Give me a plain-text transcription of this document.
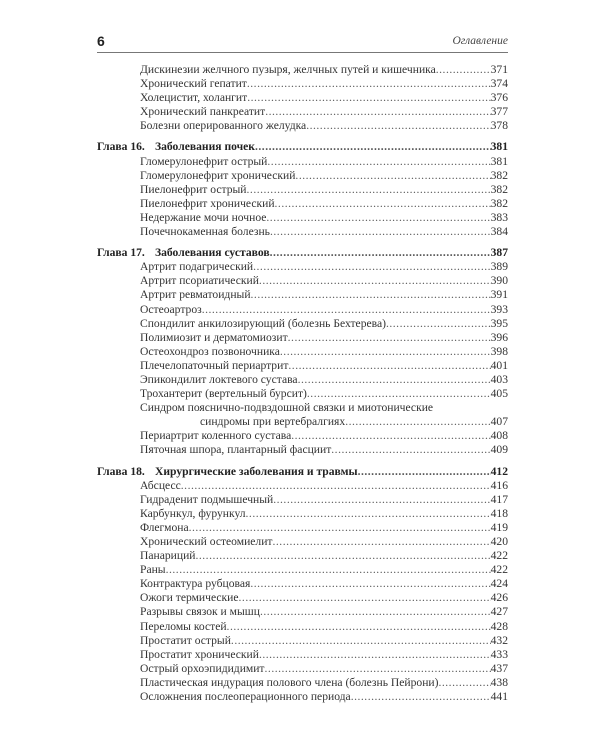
6	Оглавление
Дискинезии желчного пузыря, желчных путей и кишечника .....	371
Хронический гепатит .....	374
Холецистит, холангит .....	376
Хронический панкреатит .....	377
Болезни оперированного желудка .....	378
Глава 16. Заболевания почек .....	381
Гломерулонефрит острый .....	381
Гломерулонефрит хронический .....	382
Пиелонефрит острый .....	382
Пиелонефрит хронический .....	382
Недержание мочи ночное .....	383
Почечнокаменная болезнь .....	384
Глава 17. Заболевания суставов .....	387
Артрит подагрический .....	389
Артрит псориатический .....	390
Артрит ревматоидный .....	391
Остеоартроз .....	393
Спондилит анкилозирующий (болезнь Бехтерева) .....	395
Полимиозит и дерматомиозит .....	396
Остеохондроз позвоночника .....	398
Плечелопаточный периартрит .....	401
Эпикондилит локтевого сустава .....	403
Трохантерит (вертельный бурсит) .....	405
Синдром пояснично-подвздошной связки и миотонические
синдромы при вертебралгиях .....	407
Периартрит коленного сустава .....	408
Пяточная шпора, плантарный фасциит .....	409
Глава 18. Хирургические заболевания и травмы .....	412
Абсцесс .....	416
Гидраденит подмышечный .....	417
Карбункул, фурункул .....	418
Флегмона .....	419
Хронический остеомиелит .....	420
Панариций .....	422
Раны .....	422
Контрактура рубцовая .....	424
Ожоги термические .....	426
Разрывы связок и мышц .....	427
Переломы костей .....	428
Простатит острый .....	432
Простатит хронический .....	433
Острый орхоэпидидимит .....	437
Пластическая индурация полового члена (болезнь Пейрони) .....	438
Осложнения послеоперационного периода .....	441
